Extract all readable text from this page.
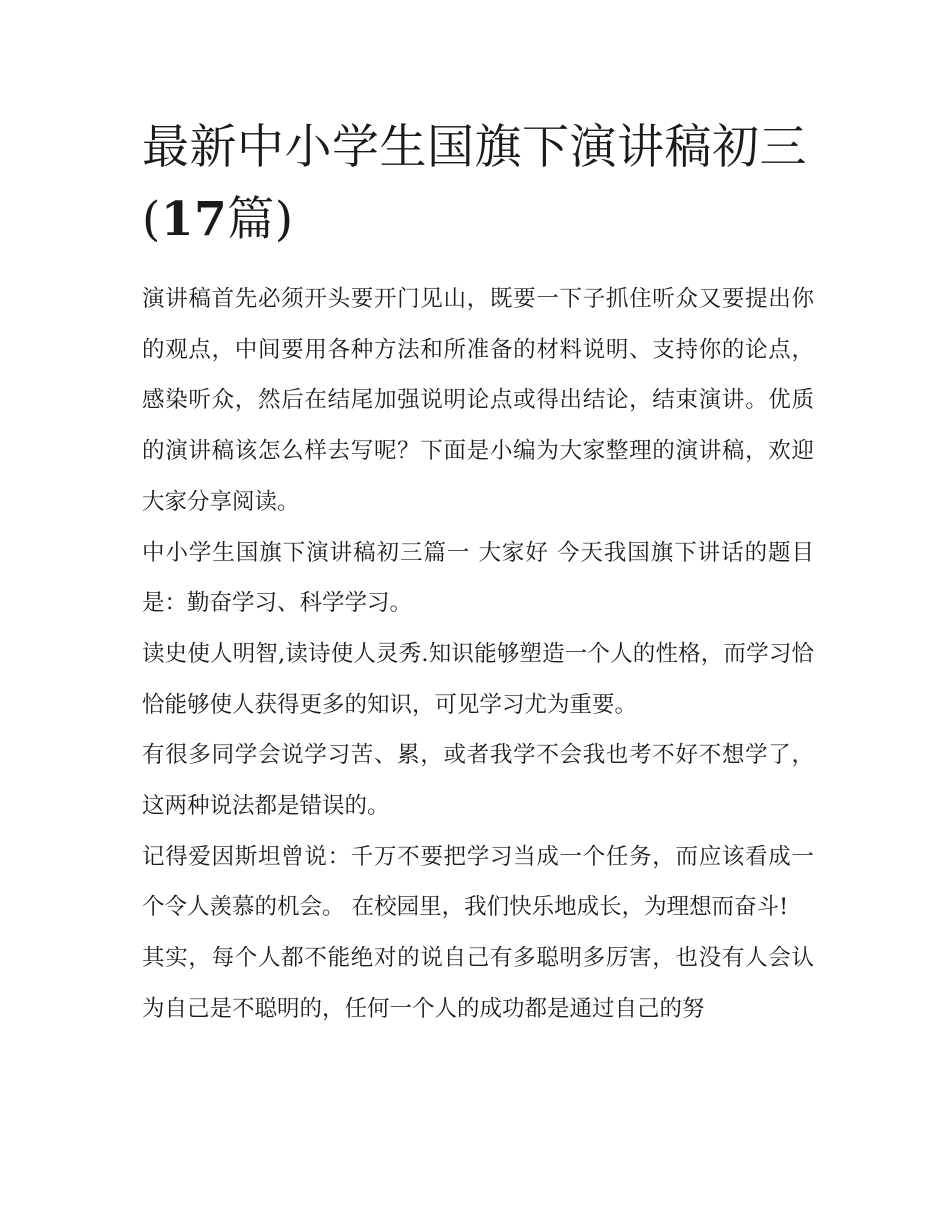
最新中小学生国旗下演讲稿初三(17篇)

演讲稿首先必须开头要开门见山，既要一下子抓住听众又要提出你的观点，中间要用各种方法和所准备的材料说明、支持你的论点，感染听众，然后在结尾加强说明论点或得出结论，结束演讲。优质的演讲稿该怎么样去写呢？下面是小编为大家整理的演讲稿，欢迎大家分享阅读。

中小学生国旗下演讲稿初三篇一 大家好 今天我国旗下讲话的题目是：勤奋学习、科学学习。

读史使人明智,读诗使人灵秀.知识能够塑造一个人的性格，而学习恰恰能够使人获得更多的知识，可见学习尤为重要。

有很多同学会说学习苦、累，或者我学不会我也考不好不想学了，这两种说法都是错误的。

记得爱因斯坦曾说：千万不要把学习当成一个任务，而应该看成一个令人羡慕的机会。 在校园里，我们快乐地成长，为理想而奋斗!

其实，每个人都不能绝对的说自己有多聪明多厉害，也没有人会认为自己是不聪明的，任何一个人的成功都是通过自己的努
